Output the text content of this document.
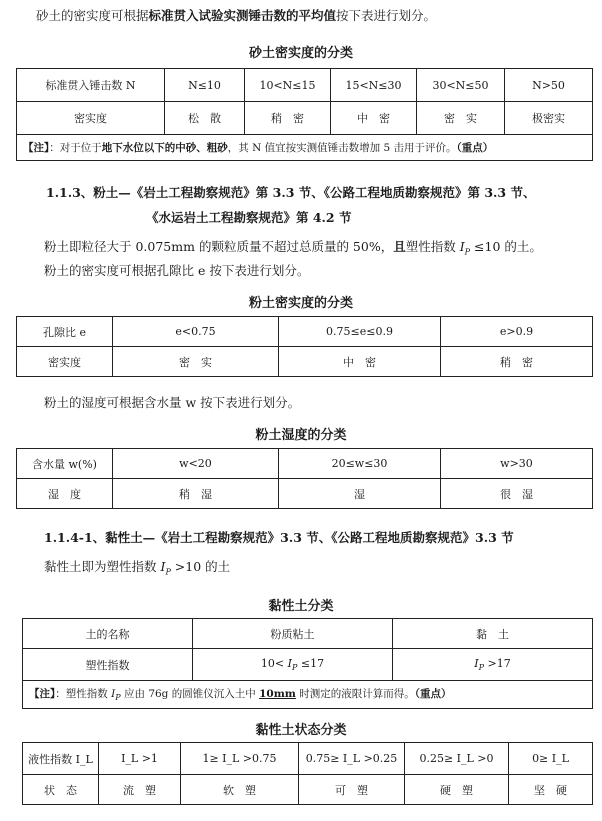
砂土的密实度可根据标准贯入试验实测锤击数的平均值按下表进行划分。
砂土密实度的分类
标准贯入锤击数 N	N≤10	10<N≤15	15<N≤30	30<N≤50	N>50
密实度	松　散	稍　密	中　密	密　实	极密实
【注】：对于位于地下水位以下的中砂、粗砂，其 N 值宜按实测值锤击数增加 5 击用于评价。（重点）					
1.1.3、粉土—《岩土工程勘察规范》第 3.3 节、《公路工程地质勘察规范》第 3.3 节、
《水运岩土工程勘察规范》第 4.2 节
粉土即粒径大于 0.075mm 的颗粒质量不超过总质量的 50%，且塑性指数 $I_P \le 10$ 的土。
粉土的密实度可根据孔隙比 e 按下表进行划分。
粉土密实度的分类
孔隙比 e	e<0.75	0.75≤e≤0.9	e>0.9
密实度	密　实	中　密	稍　密
粉土的湿度可根据含水量 w 按下表进行划分。
粉土湿度的分类
含水量 w(%)	w<20	20≤w≤30	w>30
湿　度	稍　湿	湿	很　湿
1.1.4-1、黏性土—《岩土工程勘察规范》3.3 节、《公路工程地质勘察规范》3.3 节
黏性土即为塑性指数 $I_P >10$ 的土
黏性土分类
土的名称	粉质粘土	黏　土
塑性指数	$10< I_P \le 17$	$I_P >17$
【注】：塑性指数 $I_P$ 应由 76g 的圆锥仪沉入土中 10mm 时测定的液限计算而得。（重点）		
黏性土状态分类
液性指数 I_L	I_L >1	1≥ I_L >0.75	0.75≥ I_L >0.25	0.25≥ I_L >0	0≥ I_L
状　态	流　塑	软　塑	可　塑	硬　塑	坚　硬
